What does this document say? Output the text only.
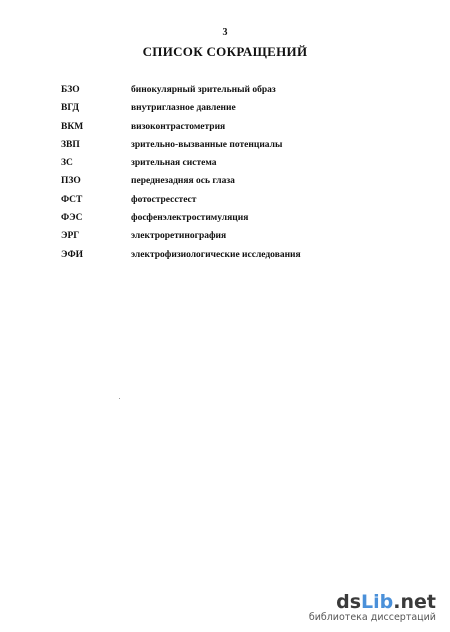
3
СПИСОК СОКРАЩЕНИЙ
БЗО	бинокулярный зрительный образ
ВГД	внутриглазное давление
ВКМ	визоконтрастометрия
ЗВП	зрительно-вызванные потенциалы
ЗС	зрительная система
ПЗО	переднезадняя ось глаза
ФСТ	фотостресстест
ФЭС	фосфенэлектростимуляция
ЭРГ	электроретинография
ЭФИ	электрофизиологические исследования
dsLib.net
библиотека диссертаций
